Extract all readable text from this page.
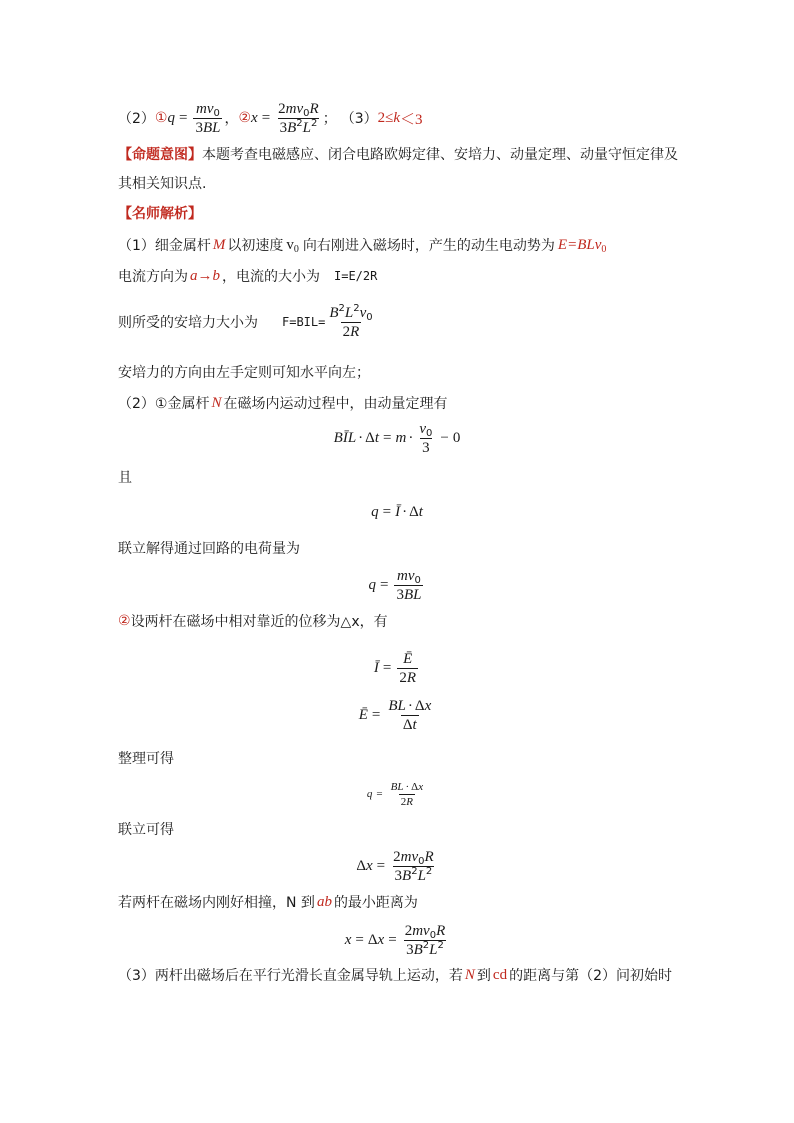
（2） ① $q = \frac{mv_0}{3BL}$ ， ② $x = \frac{2mv_0R}{3B^2L^2}$ ； （3） 2≤ k ＜3
【命题意图】 本题考查电磁感应、闭合电路欧姆定律、安培力、动量定理、动量守恒定律及
其相关知识点.
【名师解析】
（1）细金属杆 M 以初速度 $v_0$ 向右刚进入磁场时，产生的动生电动势为 E=BLv$_0$
电流方向为 a→b ，电流的大小为 I=E/2R
则所受的安培力大小为 $F=BIL= \frac{B^2L^2v_0}{2R}$
安培力的方向由左手定则可知水平向左；
（2）①金属杆 N 在磁场内运动过程中，由动量定理有
BĪL · Δ $t = m \cdot \frac{v_0}{3} - 0$
且
q = Ī · Δ t
联立解得通过回路的电荷量为
$q = \frac{mv_0}{3BL}$
② 设两杆在磁场中相对靠近的位移为△x，有
Ī = $\frac{Ē}{2R}$
Ē = $\frac{BL \cdot \Delta x}{\Delta t}$
整理可得
$q = \frac{BL \cdot \Delta x}{2R}$
联立可得
Δ $x = \frac{2mv_0R}{3B^2L^2}$
若两杆在磁场内刚好相撞，N 到 ab 的最小距离为
x = Δ $x = \frac{2mv_0R}{3B^2L^2}$
（3）两杆出磁场后在平行光滑长直金属导轨上运动，若 N 到 cd 的距离与第（2）问初始时
